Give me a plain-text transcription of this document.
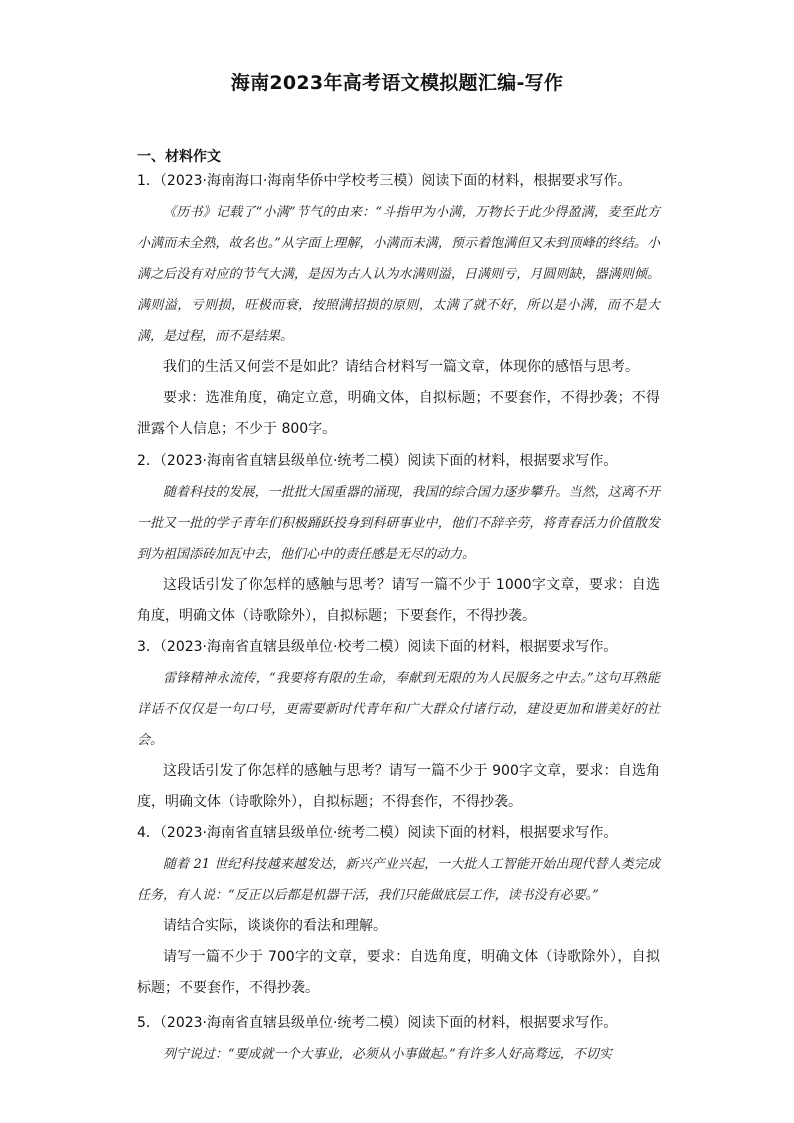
海南2023年高考语文模拟题汇编-写作
一、材料作文

1．（2023·海南海口·海南华侨中学校考三模）阅读下面的材料，根据要求写作。

《历书》记载了“小满”节气的由来：“斗指甲为小满，万物长于此少得盈满，麦至此方小满而未全熟，故名也。”从字面上理解，小满而未满，预示着饱满但又未到顶峰的终结。小满之后没有对应的节气大满，是因为古人认为水满则溢，日满则亏，月圆则缺，器满则倾。满则溢，亏则损，旺极而衰，按照满招损的原则，太满了就不好，所以是小满，而不是大满，是过程，而不是结果。

我们的生活又何尝不是如此？请结合材料写一篇文章，体现你的感悟与思考。

要求：选准角度，确定立意，明确文体，自拟标题；不要套作，不得抄袭；不得泄露个人信息；不少于 800字。

2．（2023·海南省直辖县级单位·统考二模）阅读下面的材料，根据要求写作。

随着科技的发展，一批批大国重器的涌现，我国的综合国力逐步攀升。当然，这离不开一批又一批的学子青年们积极踊跃投身到科研事业中，他们不辞辛劳，将青春活力价值散发到为祖国添砖加瓦中去，他们心中的责任感是无尽的动力。

这段话引发了你怎样的感触与思考？请写一篇不少于 1000字文章，要求：自选角度，明确文体（诗歌除外），自拟标题；下要套作，不得抄袭。

3．（2023·海南省直辖县级单位·校考二模）阅读下面的材料，根据要求写作。

雷锋精神永流传，“我要将有限的生命，奉献到无限的为人民服务之中去。”这句耳熟能详话不仅仅是一句口号，更需要新时代青年和广大群众付诸行动，建设更加和谐美好的社会。

这段话引发了你怎样的感触与思考？请写一篇不少于 900字文章，要求：自选角度，明确文体（诗歌除外），自拟标题；不得套作，不得抄袭。

4．（2023·海南省直辖县级单位·统考二模）阅读下面的材料，根据要求写作。

随着 21 世纪科技越来越发达，新兴产业兴起，一大批人工智能开始出现代替人类完成任务，有人说：“反正以后都是机器干活，我们只能做底层工作，读书没有必要。”

请结合实际，谈谈你的看法和理解。

请写一篇不少于 700字的文章，要求：自选角度，明确文体（诗歌除外），自拟标题；不要套作，不得抄袭。

5．（2023·海南省直辖县级单位·统考二模）阅读下面的材料，根据要求写作。

列宁说过：“要成就一个大事业，必须从小事做起。”有许多人好高骛远，不切实
